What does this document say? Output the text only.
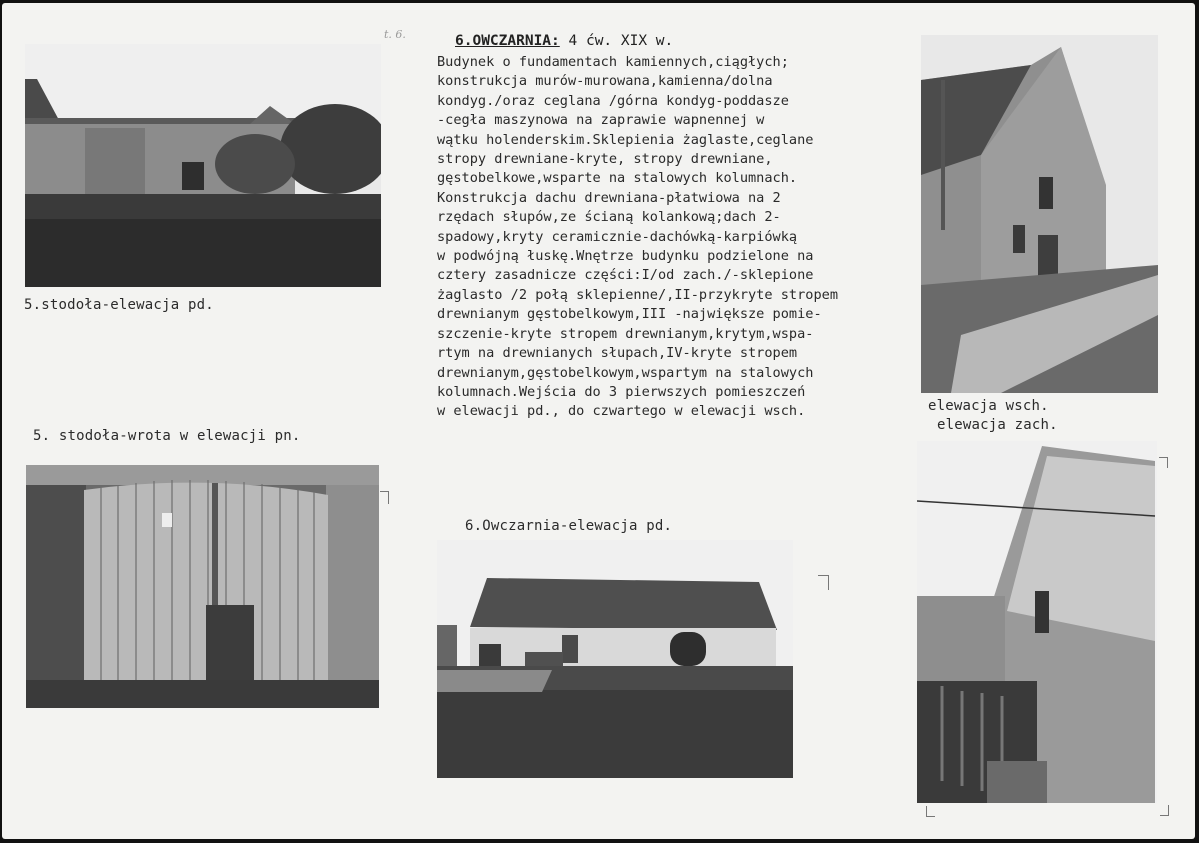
t. 6.	6.OWCZARNIA: 4 ćw. XIX w.
Budynek o fundamentach kamiennych,ciągłych;
konstrukcja murów-murowana,kamienna/dolna
kondyg./oraz ceglana /górna kondyg-poddasze
-cegła maszynowa na zaprawie wapnennej w
wątku holenderskim.Sklepienia żaglaste,ceglane
stropy drewniane-kryte, stropy drewniane,
gęstobelkowe,wsparte na stalowych kolumnach.
Konstrukcja dachu drewniana-płatwiowa na 2
rzędach słupów,ze ścianą kolankową;dach 2-
spadowy,kryty ceramicznie-dachówką-karpiówką
w podwójną łuskę.Wnętrze budynku podzielone na
cztery zasadnicze części:I/od zach./-sklepione
żaglasto /2 połą sklepienne/,II-przykryte stropem
drewnianym gęstobelkowym,III -największe pomie-
szczenie-kryte stropem drewnianym,krytym,wspa-
rtym na drewnianych słupach,IV-kryte stropem
drewnianym,gęstobelkowym,wspartym na stalowych
kolumnach.Wejścia do 3 pierwszych pomieszczeń
w elewacji pd., do czwartego w elewacji wsch.
5.stodoła-elewacja pd.
5. stodoła-wrota w elewacji pn.
6.Owczarnia-elewacja pd.
elewacja wsch.
elewacja zach.
